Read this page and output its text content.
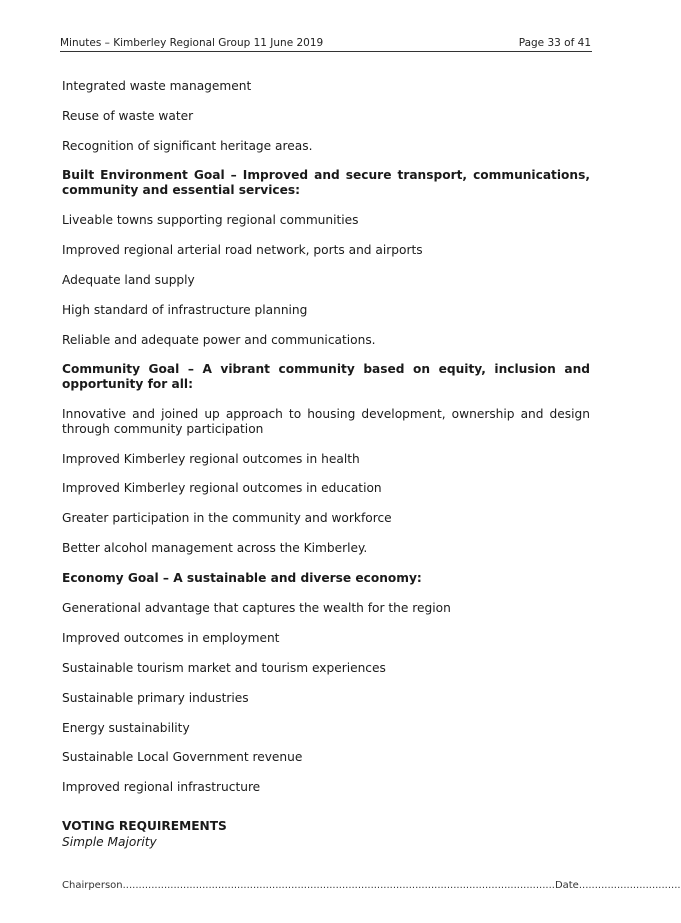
Minutes – Kimberley Regional Group 11 June 2019	Page 33 of 41

Integrated waste management

Reuse of waste water

Recognition of significant heritage areas.

Built Environment Goal – Improved and secure transport, communications, community and essential services:

Liveable towns supporting regional communities

Improved regional arterial road network, ports and airports

Adequate land supply

High standard of infrastructure planning

Reliable and adequate power and communications.

Community Goal – A vibrant community based on equity, inclusion and opportunity for all:

Innovative and joined up approach to housing development, ownership and design through community participation

Improved Kimberley regional outcomes in health

Improved Kimberley regional outcomes in education

Greater participation in the community and workforce

Better alcohol management across the Kimberley.

Economy Goal – A sustainable and diverse economy:

Generational advantage that captures the wealth for the region

Improved outcomes in employment

Sustainable tourism market and tourism experiences

Sustainable primary industries

Energy sustainability

Sustainable Local Government revenue

Improved regional infrastructure

VOTING REQUIREMENTS

Simple Majority

Chairperson........................................................................................................................................Date................................
